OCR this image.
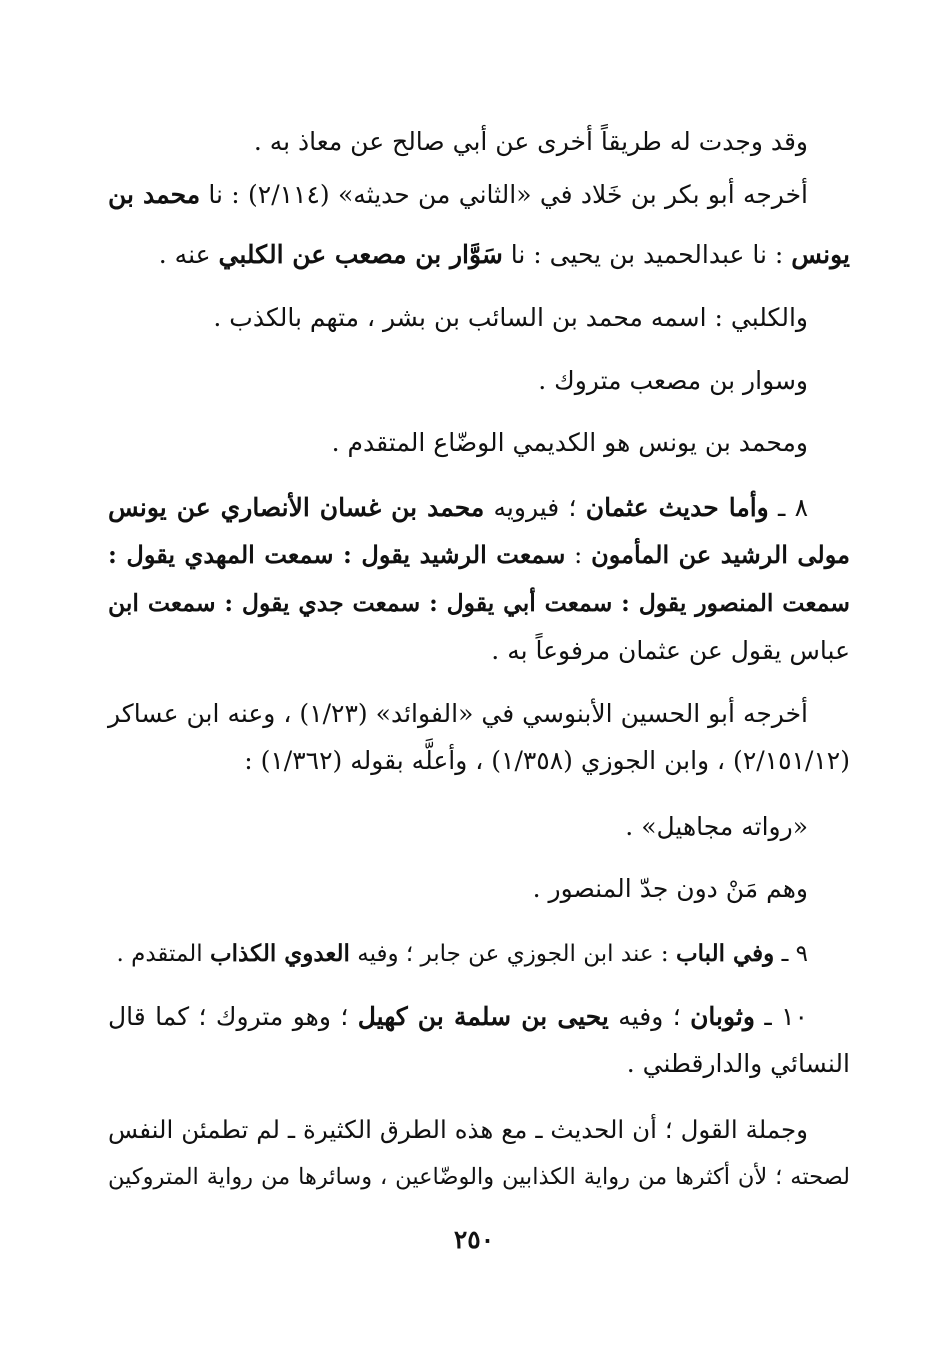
وقد وجدت له طريقاً أخرى عن أبي صالح عن معاذ به .
أخرجه أبو بكر بن خَلاد في «الثاني من حديثه» (٢/١١٤) : نا محمد بن
يونس : نا عبدالحميد بن يحيى : نا سَوَّار بن مصعب عن الكلبي عنه .
والكلبي : اسمه محمد بن السائب بن بشر ، متهم بالكذب .
وسوار بن مصعب متروك .
ومحمد بن يونس هو الكديمي الوضّاع المتقدم .
٨ ـ وأما حديث عثمان ؛ فيرويه محمد بن غسان الأنصاري عن يونس
مولى الرشيد عن المأمون : سمعت الرشيد يقول : سمعت المهدي يقول :
سمعت المنصور يقول : سمعت أبي يقول : سمعت جدي يقول : سمعت ابن
عباس يقول عن عثمان مرفوعاً به .
أخرجه أبو الحسين الأبنوسي في «الفوائد» (١/٢٣) ، وعنه ابن عساكر
(٢/١٥١/١٢) ، وابن الجوزي (١/٣٥٨) ، وأعلَّه بقوله (١/٣٦٢) :
«رواته مجاهيل» .
وهم مَنْ دون جدّ المنصور .
٩ ـ وفي الباب : عند ابن الجوزي عن جابر ؛ وفيه العدوي الكذاب المتقدم .
١٠ ـ وثوبان ؛ وفيه يحيى بن سلمة بن كهيل ؛ وهو متروك ؛ كما قال
النسائي والدارقطني .
وجملة القول ؛ أن الحديث ـ مع هذه الطرق الكثيرة ـ لم تطمئن النفس
لصحته ؛ لأن أكثرها من رواية الكذابين والوضّاعين ، وسائرها من رواية المتروكين
٢٥٠
